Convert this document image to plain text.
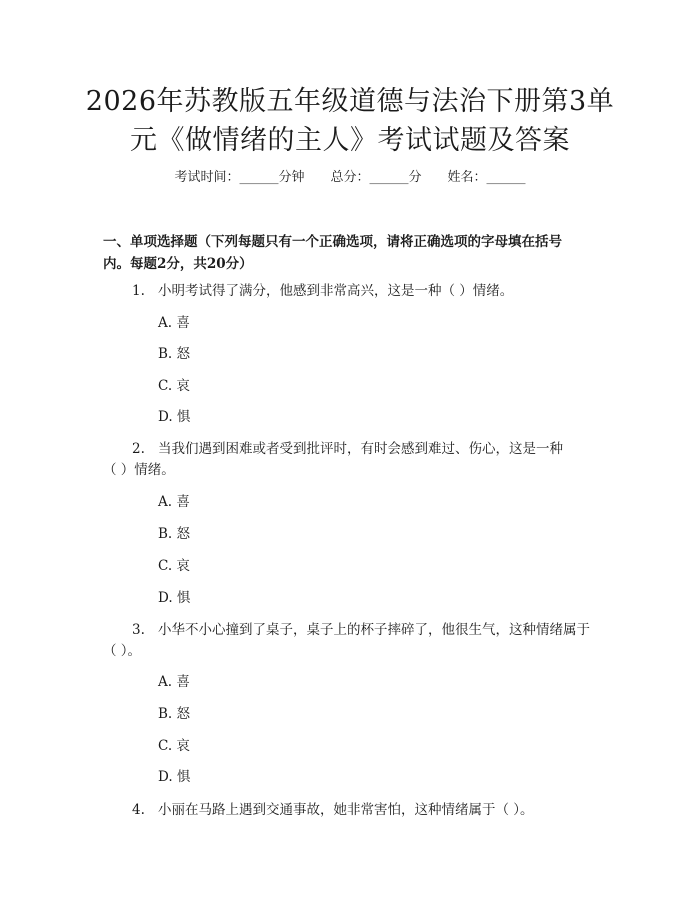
2026年苏教版五年级道德与法治下册第3单
元《做情绪的主人》考试试题及答案
考试时间：______分钟 总分：______分 姓名：______
一、单项选择题（下列每题只有一个正确选项，请将正确选项的字母填在括号
内。每题2分，共20分）
1. 小明考试得了满分，他感到非常高兴，这是一种（ ）情绪。
A. 喜
B. 怒
C. 哀
D. 惧
2. 当我们遇到困难或者受到批评时，有时会感到难过、伤心，这是一种
（ ）情绪。
A. 喜
B. 怒
C. 哀
D. 惧
3. 小华不小心撞到了桌子，桌子上的杯子摔碎了，他很生气，这种情绪属于
（ ）。
A. 喜
B. 怒
C. 哀
D. 惧
4. 小丽在马路上遇到交通事故，她非常害怕，这种情绪属于（ ）。
